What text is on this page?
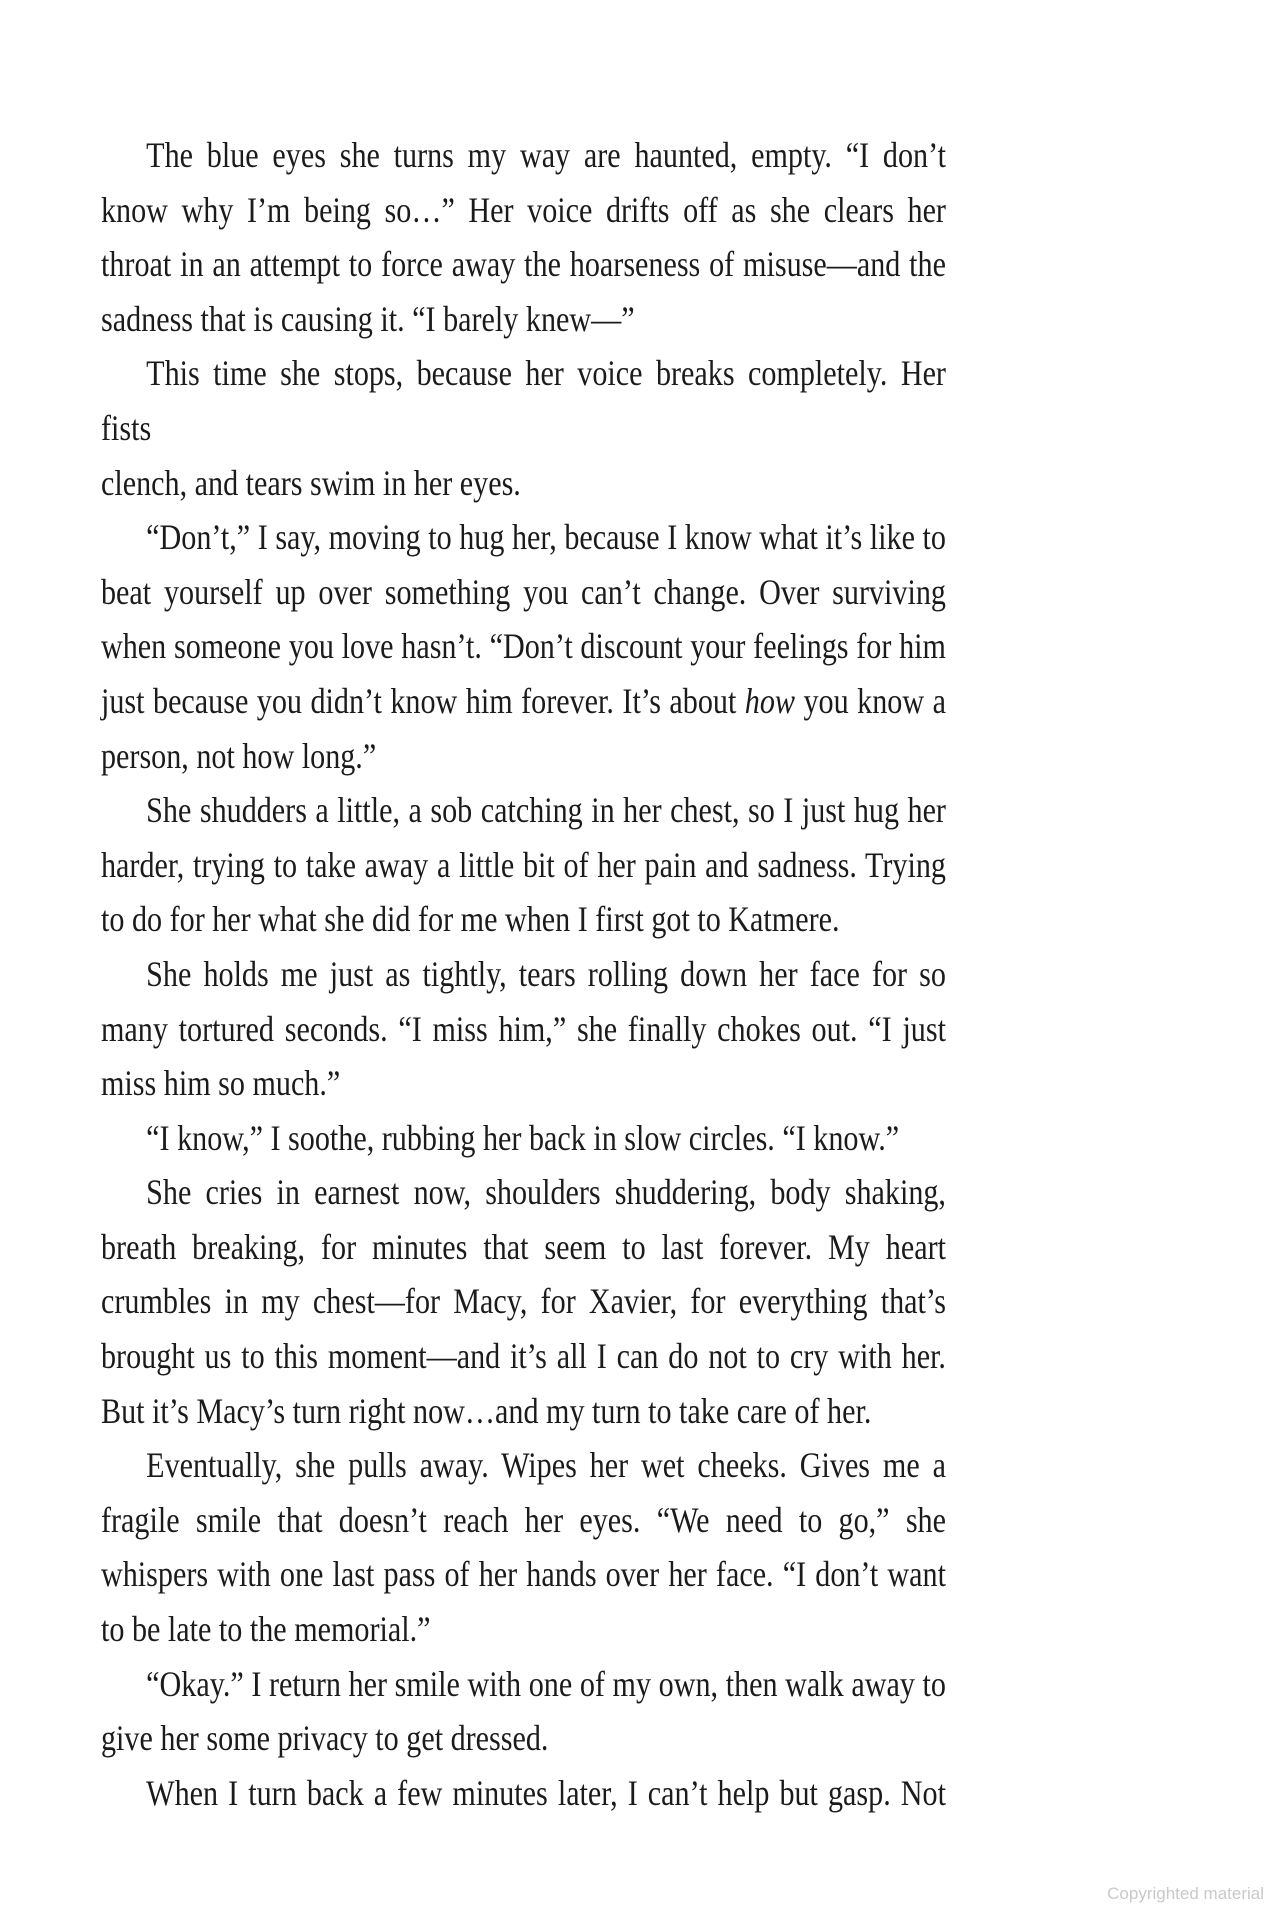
The blue eyes she turns my way are haunted, empty. “I don’t
know why I’m being so…” Her voice drifts off as she clears her
throat in an attempt to force away the hoarseness of misuse—and the
sadness that is causing it. “I barely knew—”

This time she stops, because her voice breaks completely. Her fists
clench, and tears swim in her eyes.

“Don’t,” I say, moving to hug her, because I know what it’s like to
beat yourself up over something you can’t change. Over surviving
when someone you love hasn’t. “Don’t discount your feelings for him
just because you didn’t know him forever. It’s about how you know a
person, not how long.”

She shudders a little, a sob catching in her chest, so I just hug her
harder, trying to take away a little bit of her pain and sadness. Trying
to do for her what she did for me when I first got to Katmere.

She holds me just as tightly, tears rolling down her face for so
many tortured seconds. “I miss him,” she finally chokes out. “I just
miss him so much.”

“I know,” I soothe, rubbing her back in slow circles. “I know.”

She cries in earnest now, shoulders shuddering, body shaking,
breath breaking, for minutes that seem to last forever. My heart
crumbles in my chest—for Macy, for Xavier, for everything that’s
brought us to this moment—and it’s all I can do not to cry with her.
But it’s Macy’s turn right now…and my turn to take care of her.

Eventually, she pulls away. Wipes her wet cheeks. Gives me a
fragile smile that doesn’t reach her eyes. “We need to go,” she
whispers with one last pass of her hands over her face. “I don’t want
to be late to the memorial.”

“Okay.” I return her smile with one of my own, then walk away to
give her some privacy to get dressed.

When I turn back a few minutes later, I can’t help but gasp. Not

Copyrighted material
